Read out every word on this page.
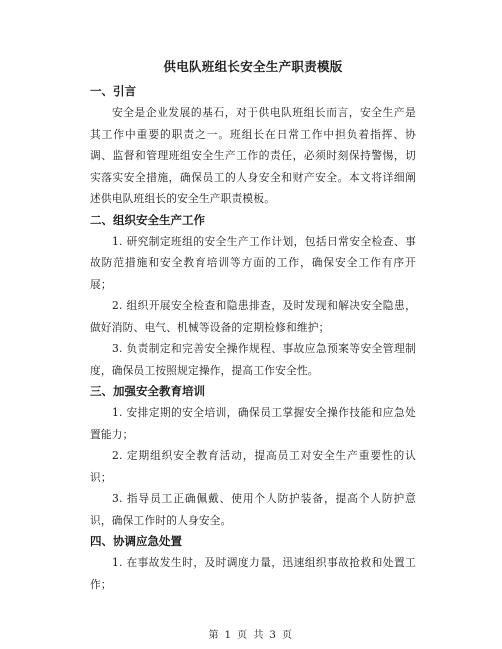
供电队班组长安全生产职责模版
一、引言

安全是企业发展的基石，对于供电队班组长而言，安全生产是其工作中重要的职责之一。班组长在日常工作中担负着指挥、协调、监督和管理班组安全生产工作的责任，必须时刻保持警惕，切实落实安全措施，确保员工的人身安全和财产安全。本文将详细阐述供电队班组长的安全生产职责模板。

二、组织安全生产工作

1. 研究制定班组的安全生产工作计划，包括日常安全检查、事故防范措施和安全教育培训等方面的工作，确保安全工作有序开展；

2. 组织开展安全检查和隐患排查，及时发现和解决安全隐患，做好消防、电气、机械等设备的定期检修和维护；

3. 负责制定和完善安全操作规程、事故应急预案等安全管理制度，确保员工按照规定操作，提高工作安全性。

三、加强安全教育培训

1. 安排定期的安全培训，确保员工掌握安全操作技能和应急处置能力；

2. 定期组织安全教育活动，提高员工对安全生产重要性的认识；

3. 指导员工正确佩戴、使用个人防护装备，提高个人防护意识，确保工作时的人身安全。

四、协调应急处置

1. 在事故发生时，及时调度力量，迅速组织事故抢救和处置工作；

第 1 页 共 3 页
